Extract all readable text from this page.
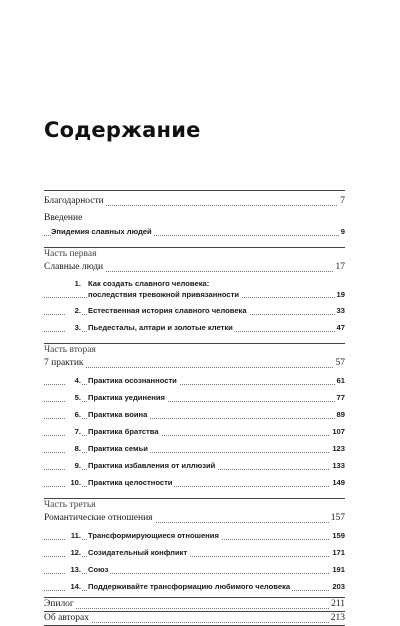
Содержание
Благодарности	7
Введение
Эпидемия славных людей	9
Часть первая
Славные люди	17
1. Как создать славного человека:
последствия тревожной привязанности	19
2. Естественная история славного человека	33
3. Пьедесталы, алтари и золотые клетки	47
Часть вторая
7 практик	57
4. Практика осознанности	61
5. Практика уединения	77
6. Практика воина	89
7. Практика братства	107
8. Практика семьи	123
9. Практика избавления от иллюзий	133
10. Практика целостности	149
Часть третья
Романтические отношения	157
11. Трансформирующиеся отношения	159
12. Созидательный конфликт	171
13. Союз	191
14. Поддерживайте трансформацию любимого человека	203
Эпилог	211
Об авторах	213
